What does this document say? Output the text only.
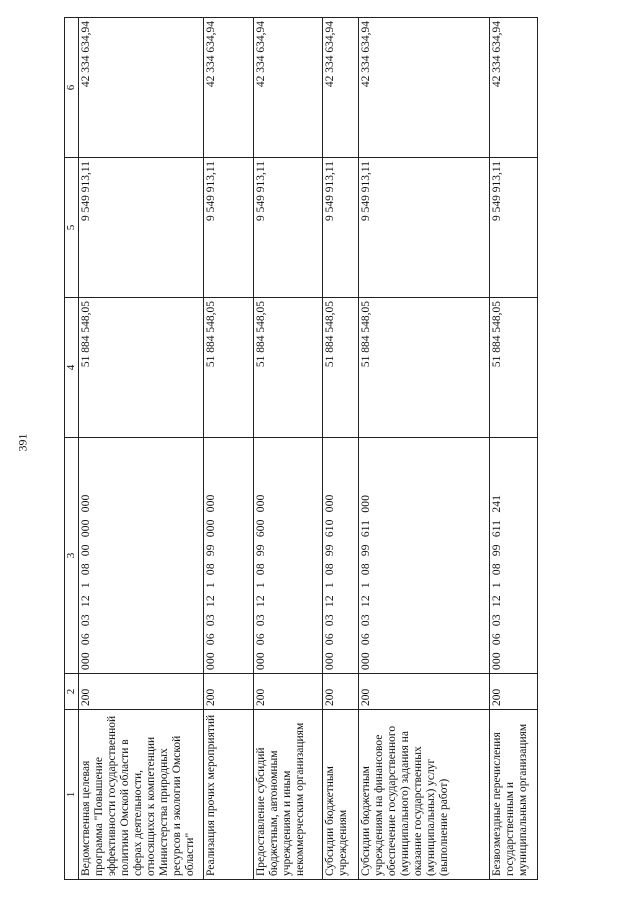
391
1	2	3	4	5	6
Ведомственная целевая программа "Повышение эффективности государственной политики Омской области в сферах деятельности, относящихся к компетенции Министерства природных ресурсов и экологии Омской области"	200	000 06 03 12 1 08 00 000 000	51 884 548,05	9 549 913,11	42 334 634,94
Реализация прочих мероприятий	200	000 06 03 12 1 08 99 000 000	51 884 548,05	9 549 913,11	42 334 634,94
Предоставление субсидий бюджетным, автономным учреждениям и иным некоммерческим организациям	200	000 06 03 12 1 08 99 600 000	51 884 548,05	9 549 913,11	42 334 634,94
Субсидии бюджетным учреждениям	200	000 06 03 12 1 08 99 610 000	51 884 548,05	9 549 913,11	42 334 634,94
Субсидии бюджетным учреждениям на финансовое обеспечение государственного (муниципального) задания на оказание государственных (муниципальных) услуг (выполнение работ)	200	000 06 03 12 1 08 99 611 000	51 884 548,05	9 549 913,11	42 334 634,94
Безвозмездные перечисления государственным и муниципальным организациям	200	000 06 03 12 1 08 99 611 241	51 884 548,05	9 549 913,11	42 334 634,94
